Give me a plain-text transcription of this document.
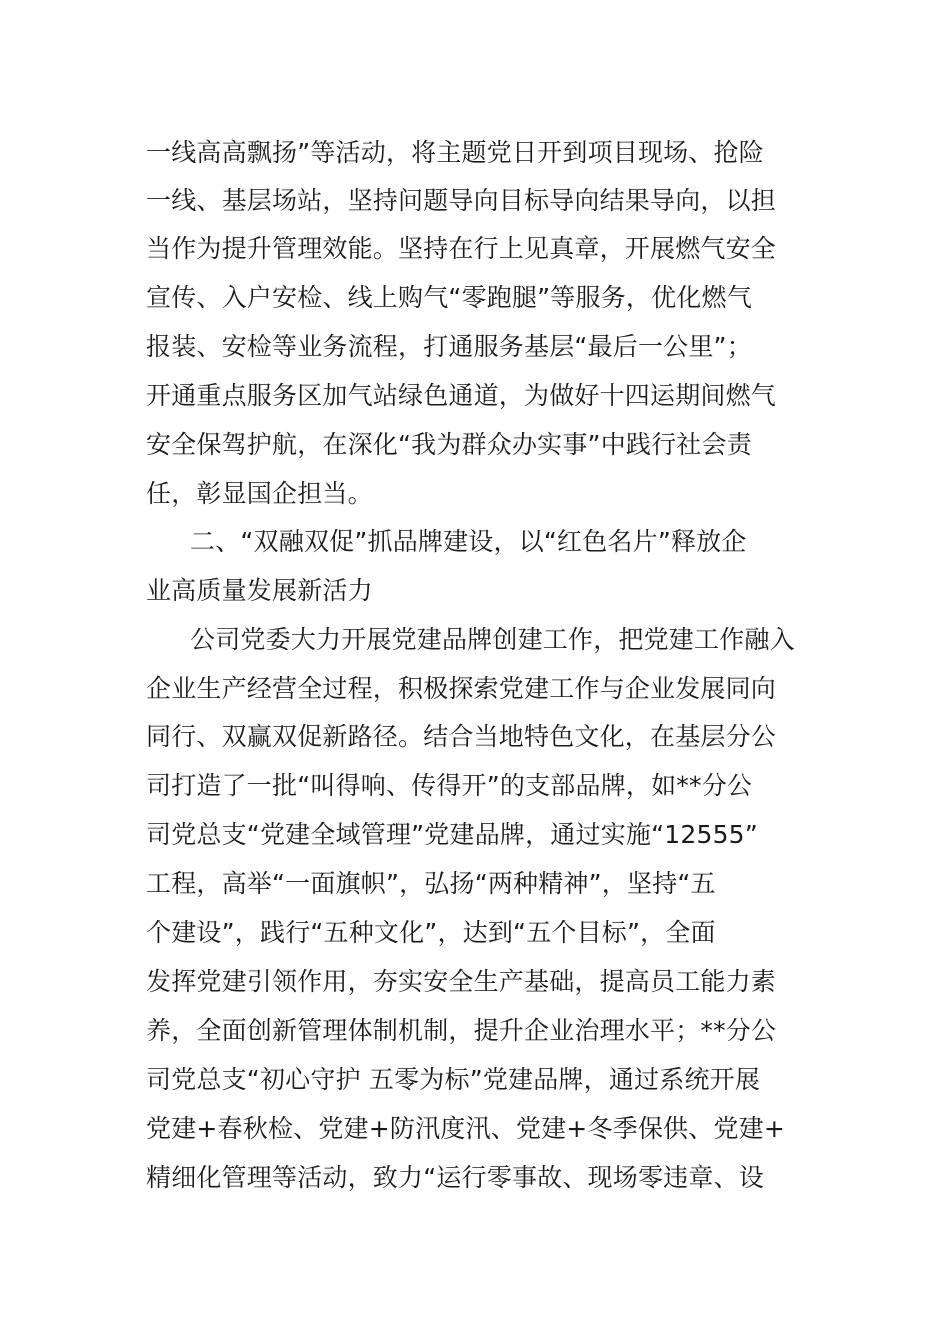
一线高高飘扬”等活动，将主题党日开到项目现场、抢险
一线、基层场站，坚持问题导向目标导向结果导向，以担
当作为提升管理效能。坚持在行上见真章，开展燃气安全
宣传、入户安检、线上购气“零跑腿”等服务，优化燃气
报装、安检等业务流程，打通服务基层“最后一公里”；
开通重点服务区加气站绿色通道，为做好十四运期间燃气
安全保驾护航，在深化“我为群众办实事”中践行社会责
任，彰显国企担当。
二、“双融双促”抓品牌建设，以“红色名片”释放企
业高质量发展新活力
公司党委大力开展党建品牌创建工作，把党建工作融入
企业生产经营全过程，积极探索党建工作与企业发展同向
同行、双赢双促新路径。结合当地特色文化，在基层分公
司打造了一批“叫得响、传得开”的支部品牌，如**分公
司党总支“党建全域管理”党建品牌，通过实施“12555”
工程，高举“一面旗帜”，弘扬“两种精神”，坚持“五
个建设”，践行“五种文化”，达到“五个目标”，全面
发挥党建引领作用，夯实安全生产基础，提高员工能力素
养，全面创新管理体制机制，提升企业治理水平；**分公
司党总支“初心守护 五零为标”党建品牌，通过系统开展
党建+春秋检、党建+防汛度汛、党建+冬季保供、党建+
精细化管理等活动，致力“运行零事故、现场零违章、设
